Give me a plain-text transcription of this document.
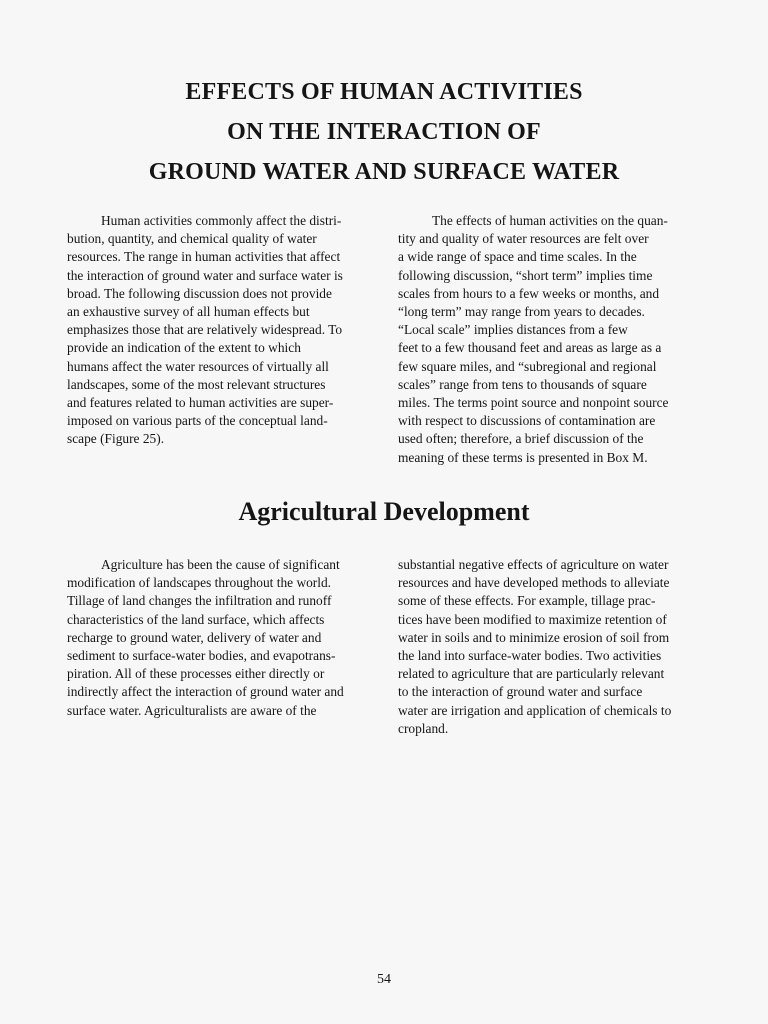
EFFECTS OF HUMAN ACTIVITIES
ON THE INTERACTION OF
GROUND WATER AND SURFACE WATER
Human activities commonly affect the distri-
bution, quantity, and chemical quality of water
resources. The range in human activities that affect
the interaction of ground water and surface water is
broad. The following discussion does not provide
an exhaustive survey of all human effects but
emphasizes those that are relatively widespread. To
provide an indication of the extent to which
humans affect the water resources of virtually all
landscapes, some of the most relevant structures
and features related to human activities are super-
imposed on various parts of the conceptual land-
scape (Figure 25).
The effects of human activities on the quan-
tity and quality of water resources are felt over
a wide range of space and time scales. In the
following discussion, “short term” implies time
scales from hours to a few weeks or months, and
“long term” may range from years to decades.
“Local scale” implies distances from a few
feet to a few thousand feet and areas as large as a
few square miles, and “subregional and regional
scales” range from tens to thousands of square
miles. The terms point source and nonpoint source
with respect to discussions of contamination are
used often; therefore, a brief discussion of the
meaning of these terms is presented in Box M.
Agricultural Development
Agriculture has been the cause of significant
modification of landscapes throughout the world.
Tillage of land changes the infiltration and runoff
characteristics of the land surface, which affects
recharge to ground water, delivery of water and
sediment to surface-water bodies, and evapotrans-
piration. All of these processes either directly or
indirectly affect the interaction of ground water and
surface water. Agriculturalists are aware of the
substantial negative effects of agriculture on water
resources and have developed methods to alleviate
some of these effects. For example, tillage prac-
tices have been modified to maximize retention of
water in soils and to minimize erosion of soil from
the land into surface-water bodies. Two activities
related to agriculture that are particularly relevant
to the interaction of ground water and surface
water are irrigation and application of chemicals to
cropland.

54
